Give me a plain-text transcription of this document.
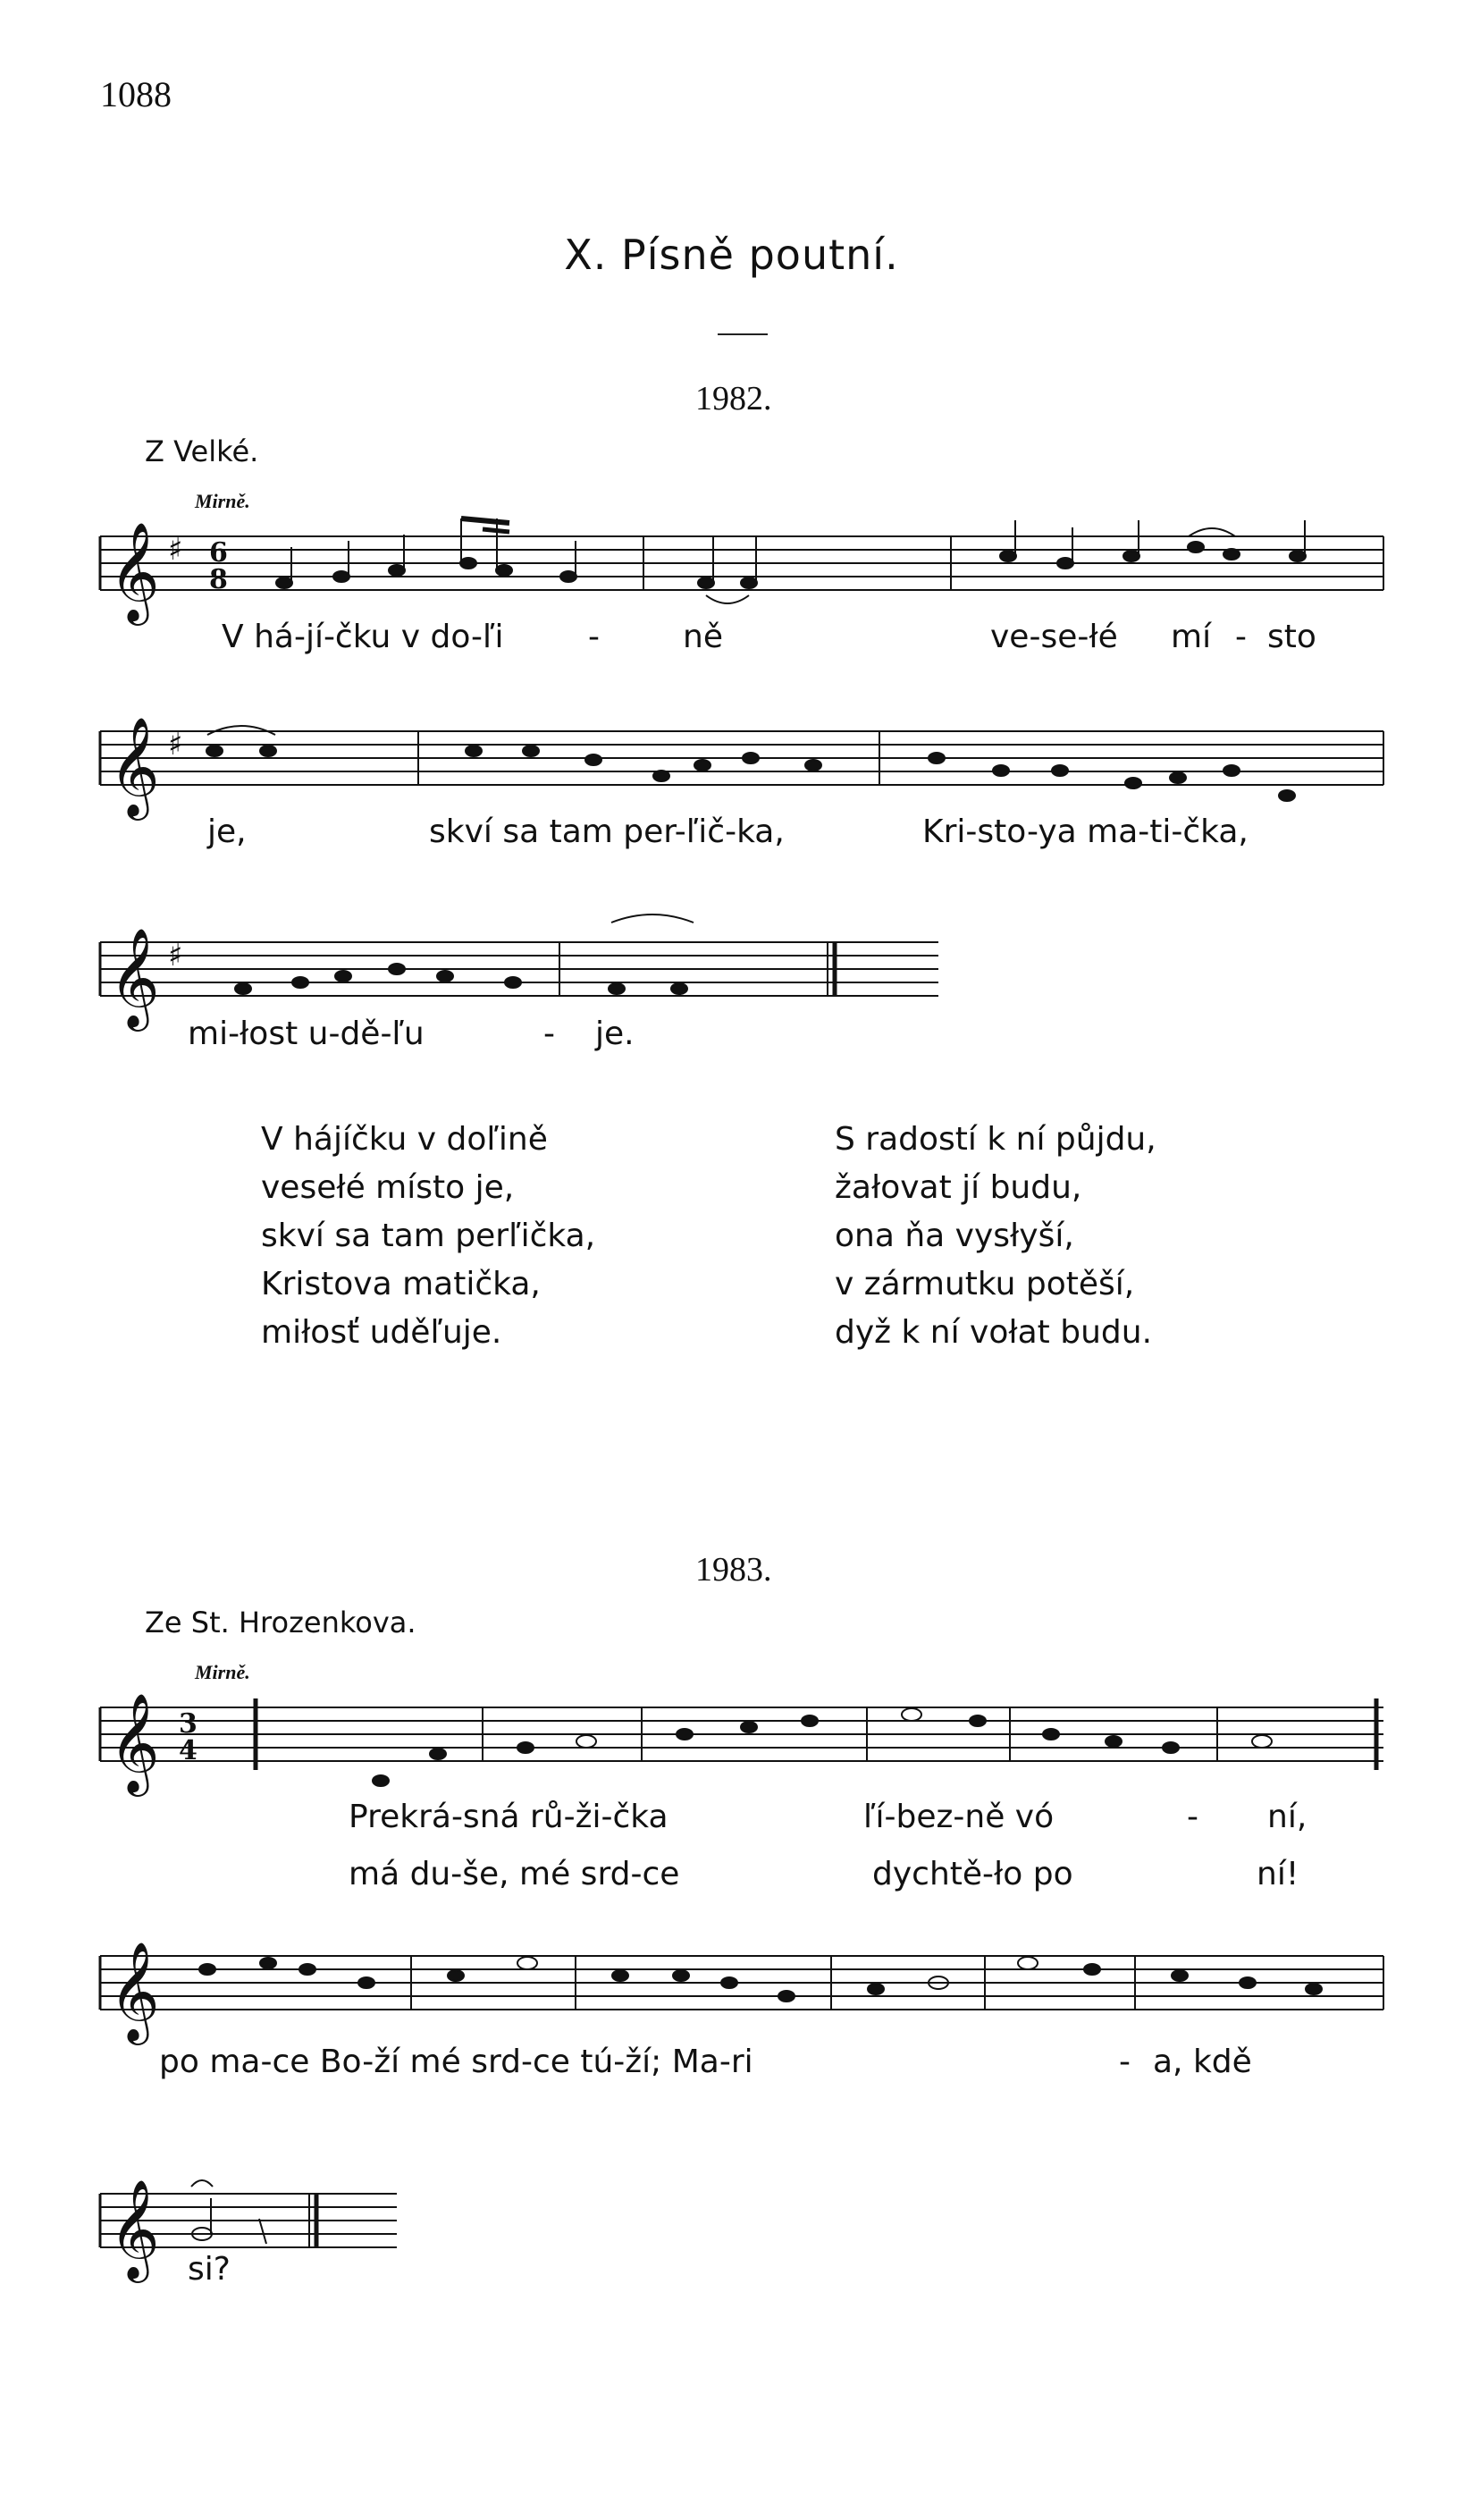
1088
X. Písně poutní.
1982.
Z Velké.
Mirně.
1983.
Ze St. Hrozenkova.
Mirně.
𝄞 ♯ 6
8
𝄞 ♯
𝄞 ♯
𝄞 3
4
𝄞
𝄞
V há-jí-čku v do-ľi	-	ně	ve-se-łé mí - sto
je,	skví sa tam per-ľič-ka,	Kri-sto-ya ma-ti-čka,
mi-łost u-dě-ľu	- je.
V hájíčku v doľině
vesełé místo je,
skví sa tam perľička,
Kristova matička,
miłosť uděľuje.
S radostí k ní půjdu,
žałovat jí budu,
ona ňa vysłyší,
v zármutku potěší,
dyž k ní vołat budu.
Prekrá-sná rů-ži-čka	ľí-bez-ně vó	- ní,
má du-še, mé srd-ce	dychtě-ło po	ní!
po ma-ce Bo-ží mé srd-ce tú-ží; Ma-ri	- a, kdě
si?
